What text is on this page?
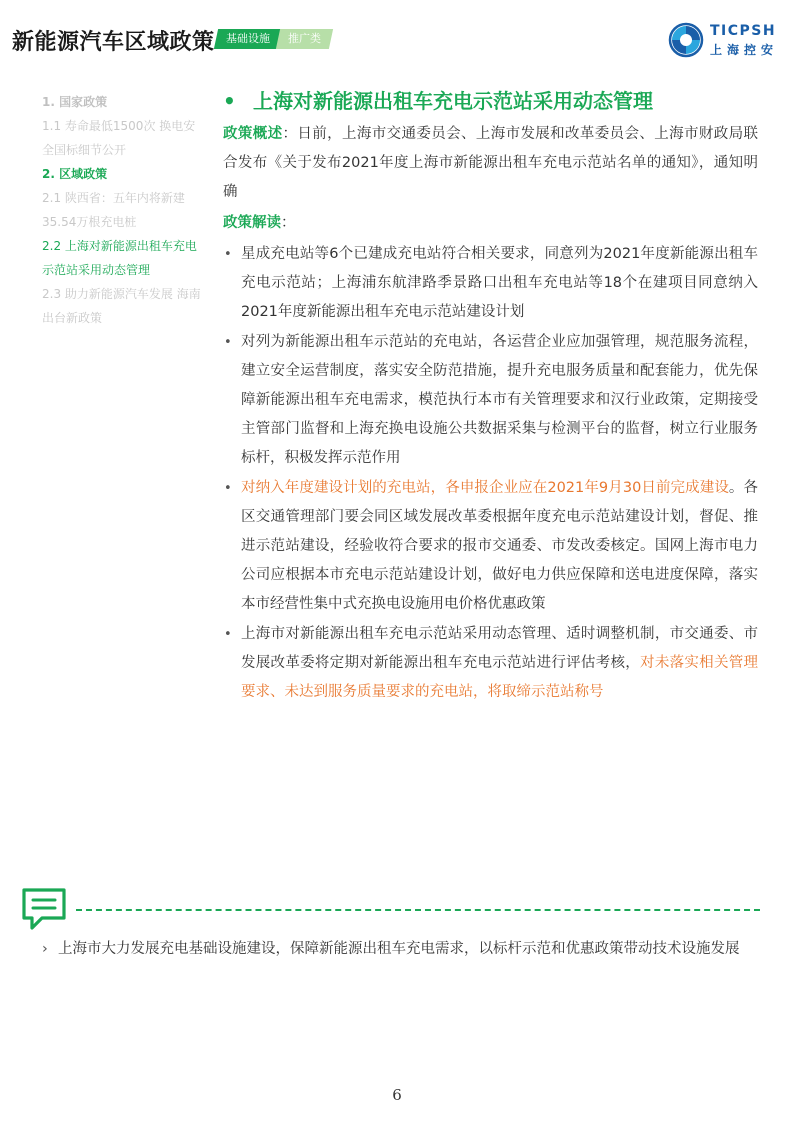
新能源汽车区域政策	基础设施	推广类	TICPSH
上海控安
1. 国家政策
1.1 寿命最低1500次 换电安全国标细节公开
2. 区域政策
2.1 陕西省：五年内将新建35.54万根充电桩
2.2 上海对新能源出租车充电示范站采用动态管理
2.3 助力新能源汽车发展 海南出台新政策
• 上海对新能源出租车充电示范站采用动态管理
政策概述：日前，上海市交通委员会、上海市发展和改革委员会、上海市财政局联合发布《关于发布2021年度上海市新能源出租车充电示范站名单的通知》，通知明确
政策解读：
• 星成充电站等6个已建成充电站符合相关要求，同意列为2021年度新能源出租车充电示范站；上海浦东航津路季景路口出租车充电站等18个在建项目同意纳入2021年度新能源出租车充电示范站建设计划
• 对列为新能源出租车示范站的充电站，各运营企业应加强管理，规范服务流程，建立安全运营制度，落实安全防范措施，提升充电服务质量和配套能力，优先保障新能源出租车充电需求，模范执行本市有关管理要求和汉行业政策，定期接受主管部门监督和上海充换电设施公共数据采集与检测平台的监督，树立行业服务标杆，积极发挥示范作用
• 对纳入年度建设计划的充电站，各申报企业应在2021年9月30日前完成建设。各区交通管理部门要会同区域发展改革委根据年度充电示范站建设计划，督促、推进示范站建设，经验收符合要求的报市交通委、市发改委核定。国网上海市电力公司应根据本市充电示范站建设计划，做好电力供应保障和送电进度保障，落实本市经营性集中式充换电设施用电价格优惠政策
• 上海市对新能源出租车充电示范站采用动态管理、适时调整机制，市交通委、市发展改革委将定期对新能源出租车充电示范站进行评估考核，对未落实相关管理要求、未达到服务质量要求的充电站，将取缔示范站称号
› 上海市大力发展充电基础设施建设，保障新能源出租车充电需求，以标杆示范和优惠政策带动技术设施发展
6
